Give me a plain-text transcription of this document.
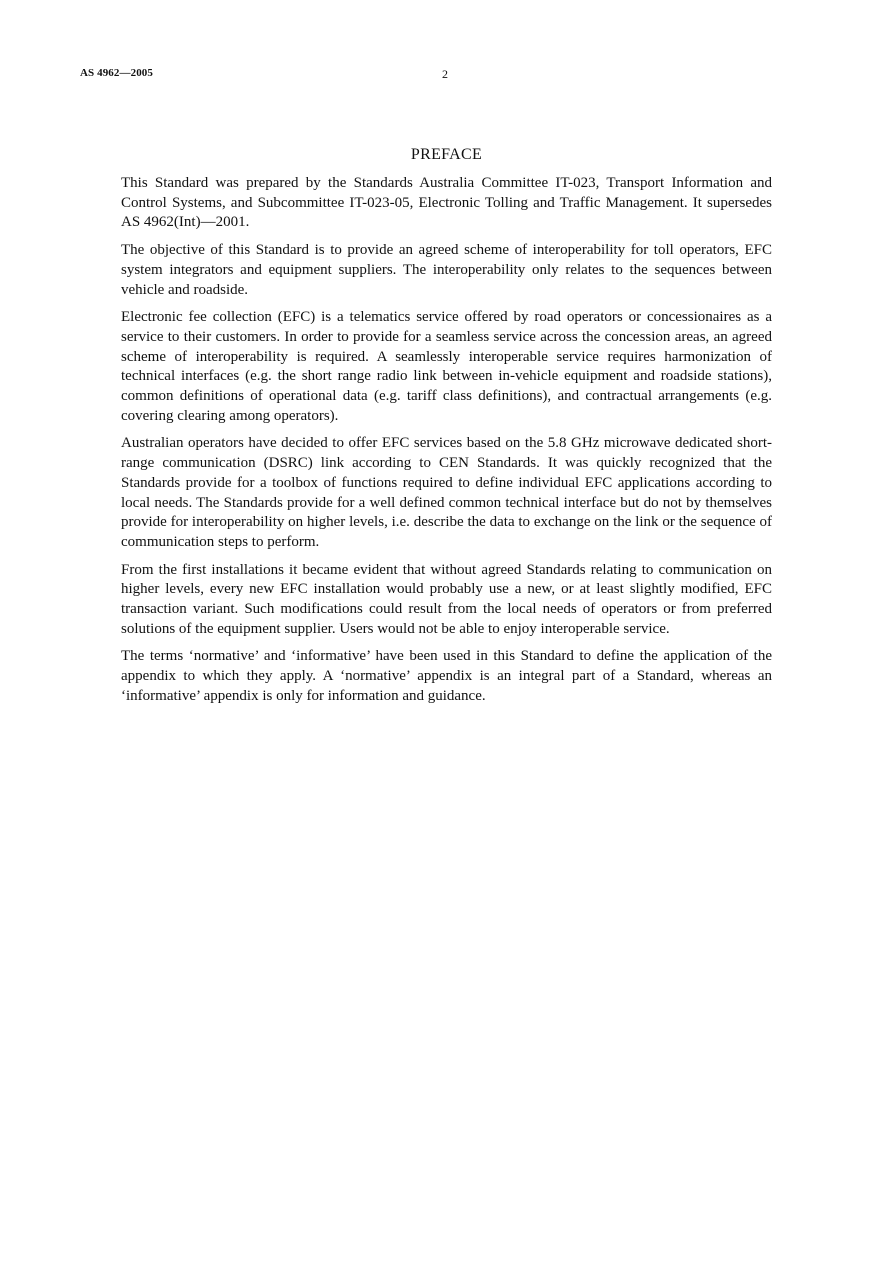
AS 4962—2005	2
PREFACE

This Standard was prepared by the Standards Australia Committee IT-023, Transport Information and Control Systems, and Subcommittee IT-023-05, Electronic Tolling and Traffic Management. It supersedes AS 4962(Int)—2001.

The objective of this Standard is to provide an agreed scheme of interoperability for toll operators, EFC system integrators and equipment suppliers. The interoperability only relates to the sequences between vehicle and roadside.

Electronic fee collection (EFC) is a telematics service offered by road operators or concessionaires as a service to their customers. In order to provide for a seamless service across the concession areas, an agreed scheme of interoperability is required. A seamlessly interoperable service requires harmonization of technical interfaces (e.g. the short range radio link between in-vehicle equipment and roadside stations), common definitions of operational data (e.g. tariff class definitions), and contractual arrangements (e.g. covering clearing among operators).

Australian operators have decided to offer EFC services based on the 5.8 GHz microwave dedicated short-range communication (DSRC) link according to CEN Standards. It was quickly recognized that the Standards provide for a toolbox of functions required to define individual EFC applications according to local needs. The Standards provide for a well defined common technical interface but do not by themselves provide for interoperability on higher levels, i.e. describe the data to exchange on the link or the sequence of communication steps to perform.

From the first installations it became evident that without agreed Standards relating to communication on higher levels, every new EFC installation would probably use a new, or at least slightly modified, EFC transaction variant. Such modifications could result from the local needs of operators or from preferred solutions of the equipment supplier. Users would not be able to enjoy interoperable service.

The terms ‘normative’ and ‘informative’ have been used in this Standard to define the application of the appendix to which they apply. A ‘normative’ appendix is an integral part of a Standard, whereas an ‘informative’ appendix is only for information and guidance.
